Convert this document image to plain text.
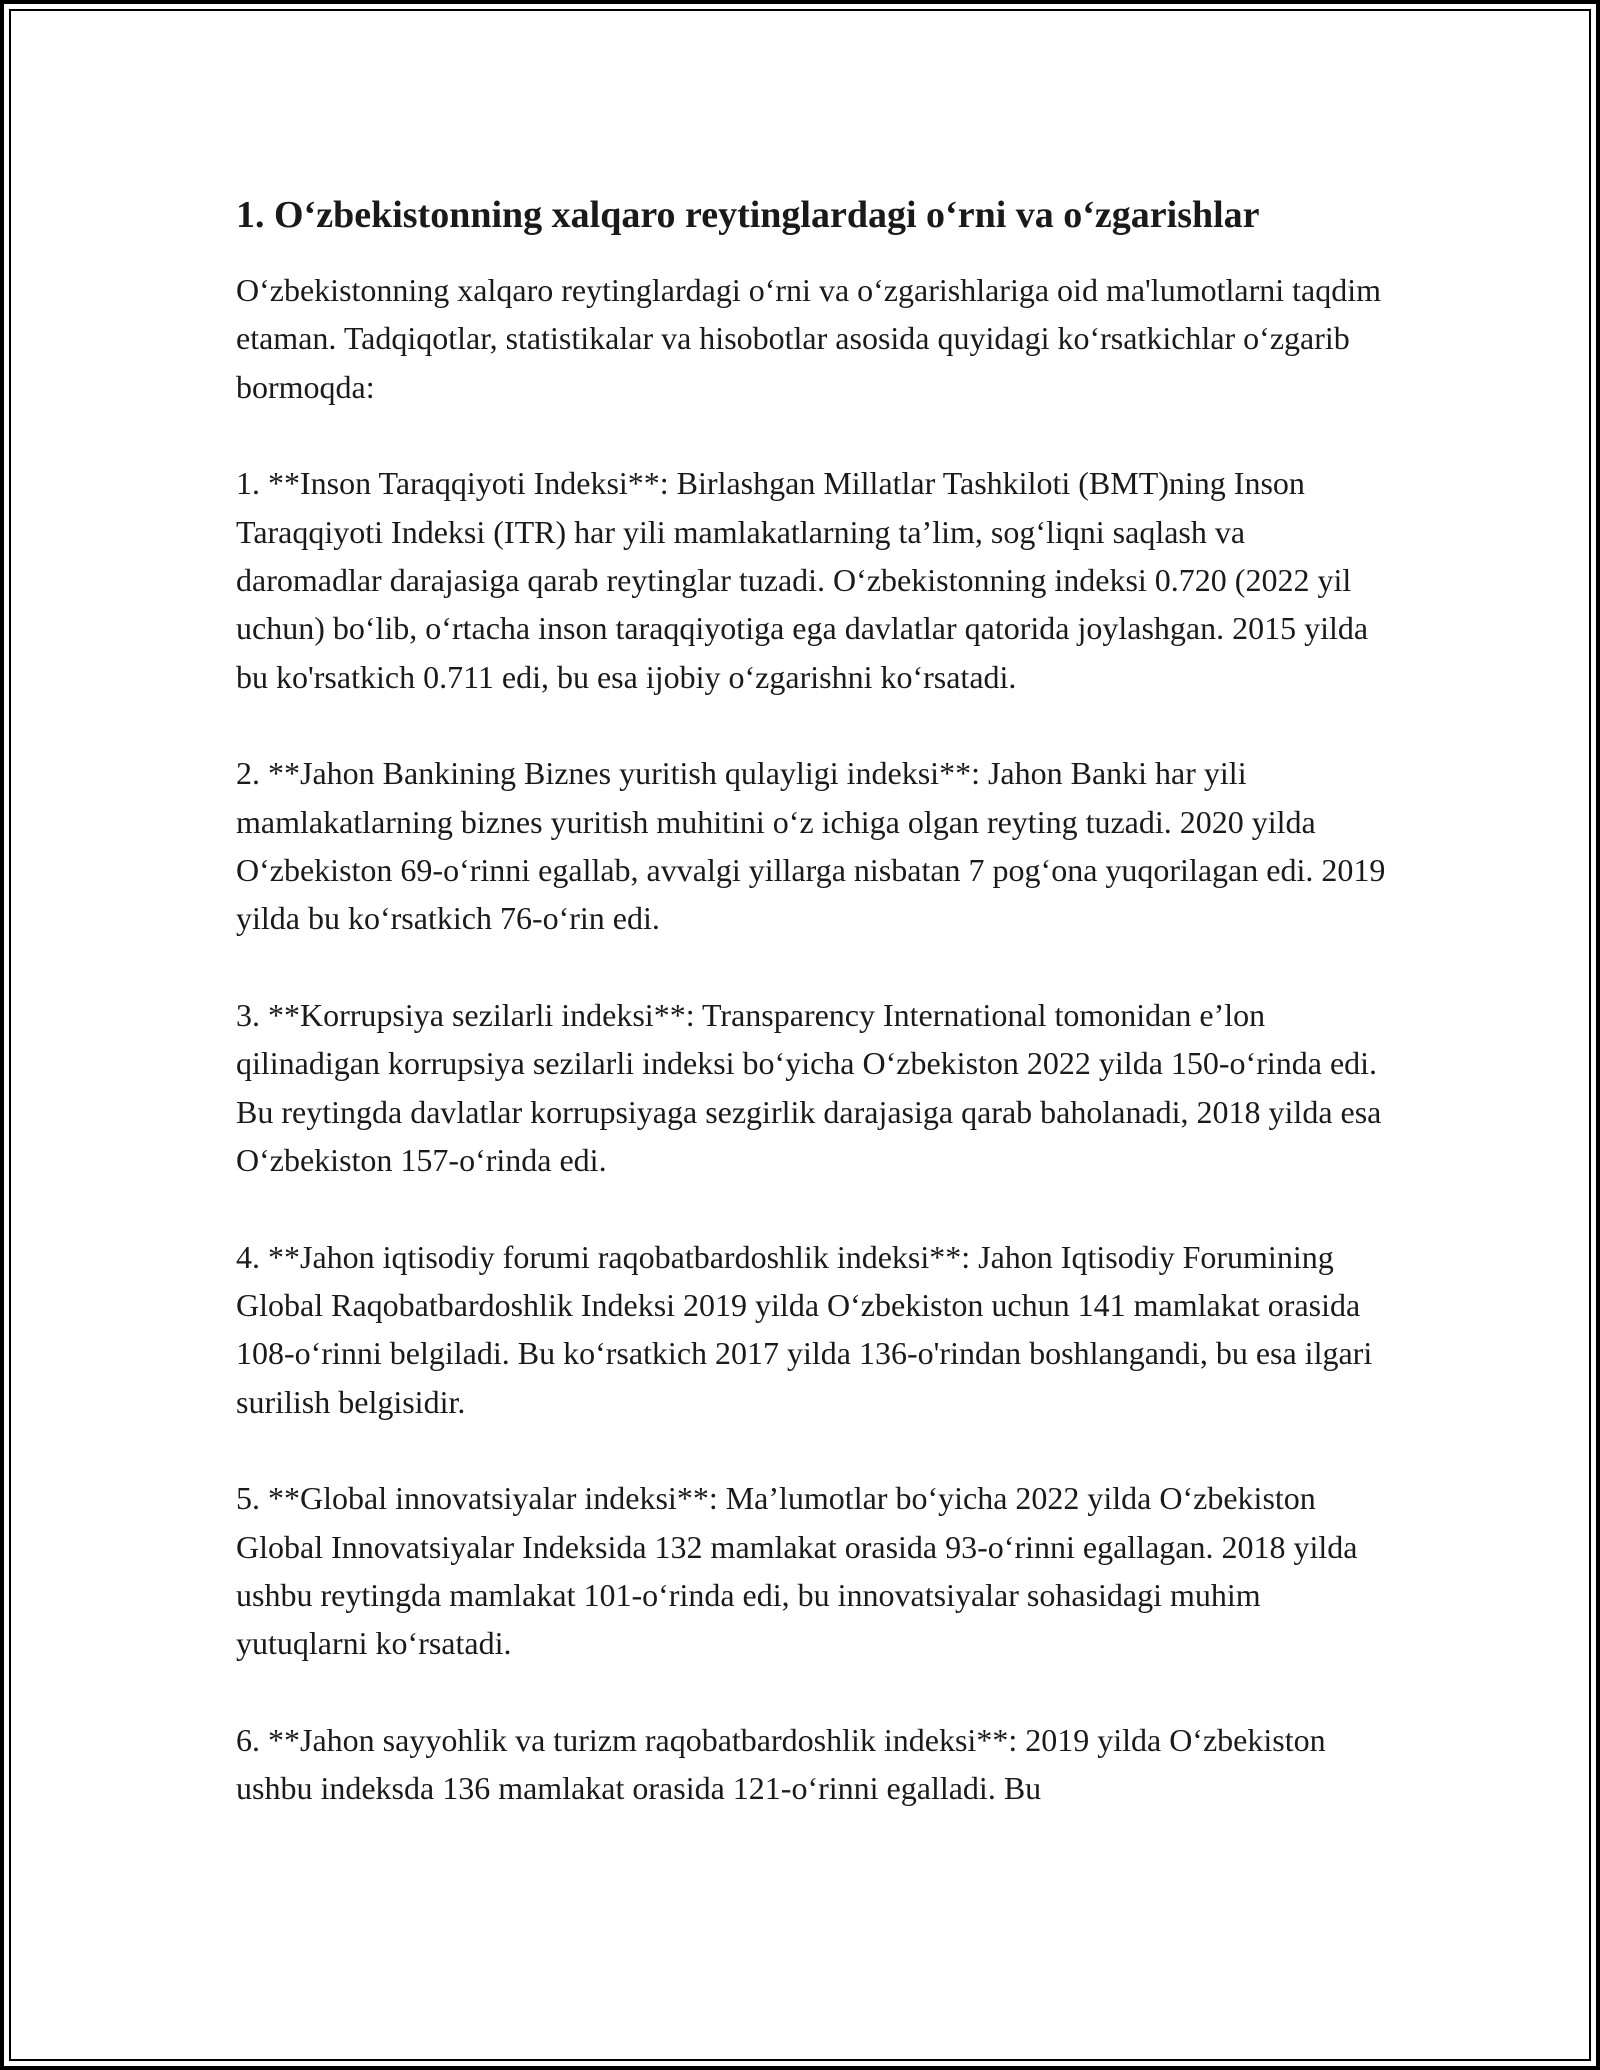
1. O‘zbekistonning xalqaro reytinglardagi o‘rni va o‘zgarishlar

O‘zbekistonning xalqaro reytinglardagi o‘rni va o‘zgarishlariga oid ma'lumotlarni taqdim etaman. Tadqiqotlar, statistikalar va hisobotlar asosida quyidagi ko‘rsatkichlar o‘zgarib bormoqda:

1. **Inson Taraqqiyoti Indeksi**: Birlashgan Millatlar Tashkiloti (BMT)ning Inson Taraqqiyoti Indeksi (ITR) har yili mamlakatlarning ta’lim, sog‘liqni saqlash va daromadlar darajasiga qarab reytinglar tuzadi. O‘zbekistonning indeksi 0.720 (2022 yil uchun) bo‘lib, o‘rtacha inson taraqqiyotiga ega davlatlar qatorida joylashgan. 2015 yilda bu ko'rsatkich 0.711 edi, bu esa ijobiy o‘zgarishni ko‘rsatadi.

2. **Jahon Bankining Biznes yuritish qulayligi indeksi**: Jahon Banki har yili mamlakatlarning biznes yuritish muhitini o‘z ichiga olgan reyting tuzadi. 2020 yilda O‘zbekiston 69-o‘rinni egallab, avvalgi yillarga nisbatan 7 pog‘ona yuqorilagan edi. 2019 yilda bu ko‘rsatkich 76-o‘rin edi.

3. **Korrupsiya sezilarli indeksi**: Transparency International tomonidan e’lon qilinadigan korrupsiya sezilarli indeksi bo‘yicha O‘zbekiston 2022 yilda 150-o‘rinda edi. Bu reytingda davlatlar korrupsiyaga sezgirlik darajasiga qarab baholanadi, 2018 yilda esa O‘zbekiston 157-o‘rinda edi.

4. **Jahon iqtisodiy forumi raqobatbardoshlik indeksi**: Jahon Iqtisodiy Forumining Global Raqobatbardoshlik Indeksi 2019 yilda O‘zbekiston uchun 141 mamlakat orasida 108-o‘rinni belgiladi. Bu ko‘rsatkich 2017 yilda 136-o'rindan boshlangandi, bu esa ilgari surilish belgisidir.

5. **Global innovatsiyalar indeksi**: Ma’lumotlar bo‘yicha 2022 yilda O‘zbekiston Global Innovatsiyalar Indeksida 132 mamlakat orasida 93-o‘rinni egallagan. 2018 yilda ushbu reytingda mamlakat 101-o‘rinda edi, bu innovatsiyalar sohasidagi muhim yutuqlarni ko‘rsatadi.

6. **Jahon sayyohlik va turizm raqobatbardoshlik indeksi**: 2019 yilda O‘zbekiston ushbu indeksda 136 mamlakat orasida 121-o‘rinni egalladi. Bu
